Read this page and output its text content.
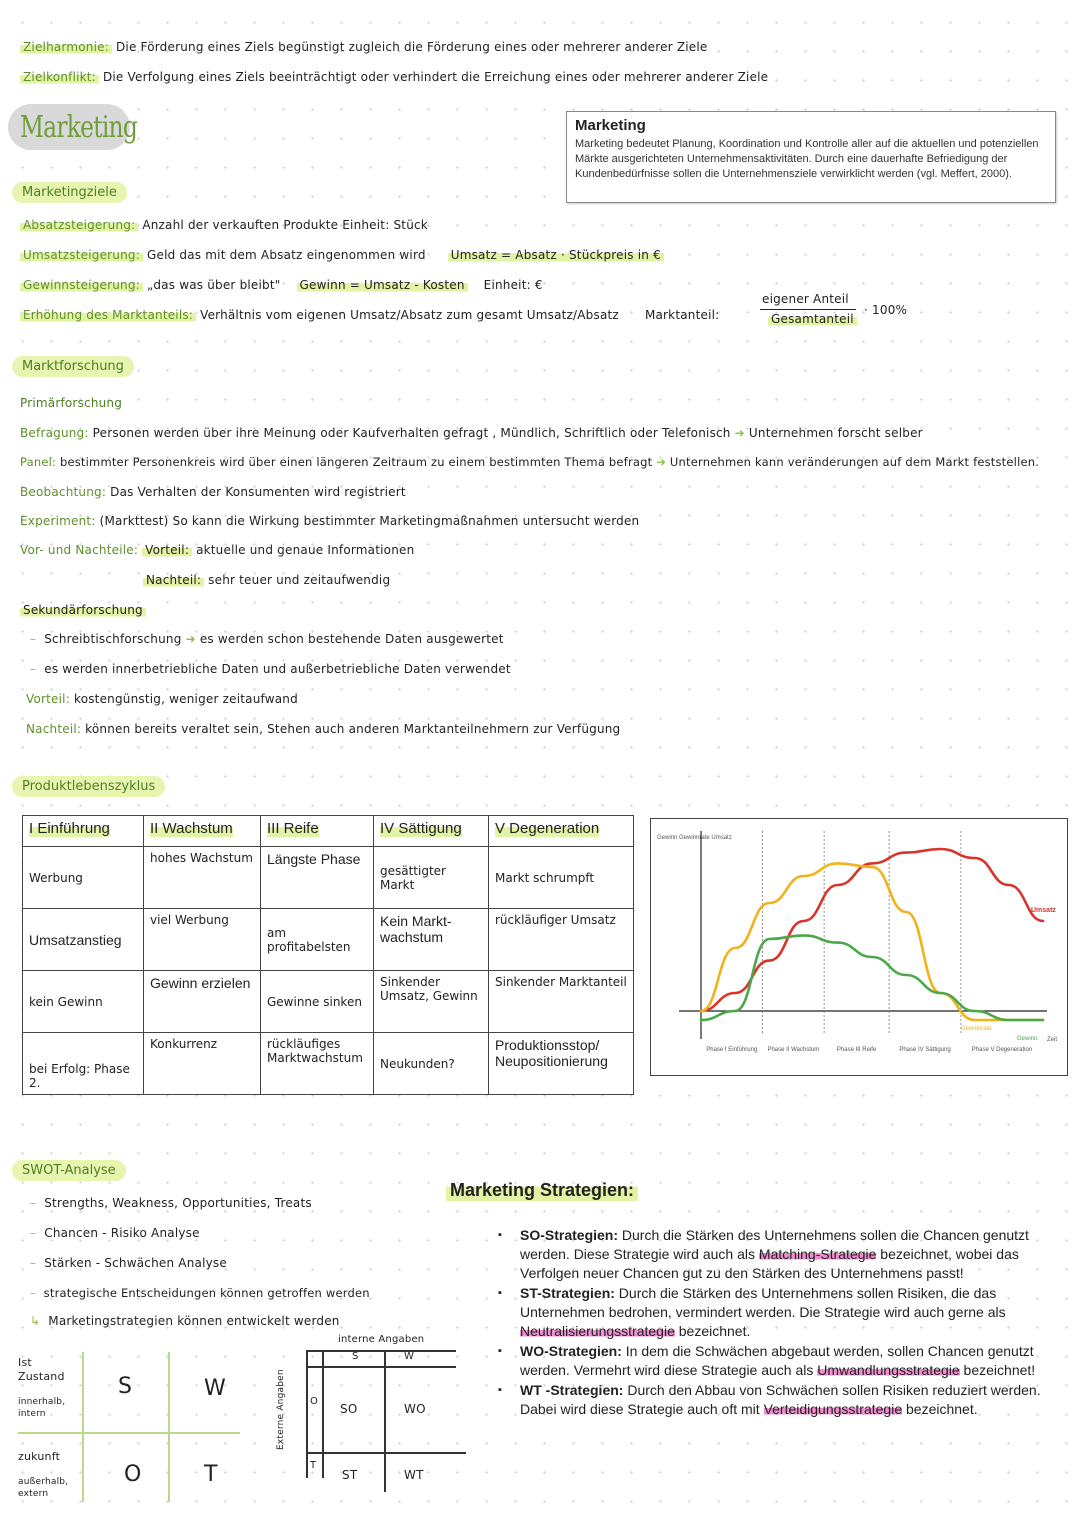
Zielharmonie: Die Förderung eines Ziels begünstigt zugleich die Förderung eines oder mehrerer anderer Ziele
Zielkonflikt: Die Verfolgung eines Ziels beeinträchtigt oder verhindert die Erreichung eines oder mehrerer anderer Ziele
Marketing	Marketing
Marketing bedeutet Planung, Koordination und Kontrolle aller auf die aktuellen und potenziellen Märkte ausgerichteten Unternehmensaktivitäten. Durch eine dauerhafte Befriedigung der Kundenbedürfnisse sollen die Unternehmensziele verwirklicht werden (vgl. Meffert, 2000).
Marketingziele
Absatzsteigerung: Anzahl der verkauften Produkte Einheit: Stück
Umsatzsteigerung: Geld das mit dem Absatz eingenommen wird Umsatz = Absatz · Stückpreis in €
Gewinnsteigerung: „das was über bleibt" Gewinn = Umsatz - Kosten Einheit: €
Erhöhung des Marktanteils: Verhältnis vom eigenen Umsatz/Absatz zum gesamt Umsatz/Absatz Marktanteil:
eigener Anteil
Gesamtanteil
· 100%
Marktforschung
Primärforschung
Befragung: Personen werden über ihre Meinung oder Kaufverhalten gefragt , Mündlich, Schriftlich oder Telefonisch ➜ Unternehmen forscht selber
Panel: bestimmter Personenkreis wird über einen längeren Zeitraum zu einem bestimmten Thema befragt ➜ Unternehmen kann veränderungen auf dem Markt feststellen.
Beobachtung: Das Verhalten der Konsumenten wird registriert
Experiment: (Markttest) So kann die Wirkung bestimmter Marketingmaßnahmen untersucht werden
Vor- und Nachteile: Vorteil: aktuelle und genaue Informationen
Nachteil: sehr teuer und zeitaufwendig
Sekundärforschung
– Schreibtischforschung ➜ es werden schon bestehende Daten ausgewertet
– es werden innerbetriebliche Daten und außerbetriebliche Daten verwendet
Vorteil: kostengünstig, weniger zeitaufwand
Nachteil: können bereits veraltet sein, Stehen auch anderen Marktanteilnehmern zur Verfügung
Produktlebenszyklus
I Einführung	II Wachstum	III Reife	IV Sättigung	V Degeneration
Werbung	hohes Wachstum	Längste Phase	gesättigter Markt	Markt schrumpft
Umsatzanstieg	viel Werbung	am profitabelsten	Kein Markt-wachstum	rückläufiger Umsatz
kein Gewinn	Gewinn erzielen	Gewinne sinken	Sinkender Umsatz, Gewinn	Sinkender Marktanteil
bei Erfolg: Phase 2.	Konkurrenz	rückläufiges Marktwachstum	Neukunden?	Produktionsstop/ Neupositionierung
Gewinn Gewinnrate Umsatz
Zeit
Phase I Einführung Phase II Wachstum	Phase III Reife	Phase IV Sättigung	Phase V Degeneration
Umsatz
Gewinnrate
Gewinn
SWOT-Analyse
– Strengths, Weakness, Opportunities, Treats
– Chancen - Risiko Analyse
– Stärken - Schwächen Analyse
– strategische Entscheidungen können getroffen werden
↳ Marketingstrategien können entwickelt werden
Ist Zustand
innerhalb, intern
zukunft
außerhalb, extern
S	W
O	T
interne Angaben
Externe Angaben
S	W
O
T
SO	WO
ST	WT
Marketing Strategien:
▪ SO-Strategien: Durch die Stärken des Unternehmens sollen die Chancen genutzt werden. Diese Strategie wird auch als Matching-Strategie bezeichnet, wobei das Verfolgen neuer Chancen gut zu den Stärken des Unternehmens passt!
▪ ST-Strategien: Durch die Stärken des Unternehmens sollen Risiken, die das Unternehmen bedrohen, vermindert werden. Die Strategie wird auch gerne als Neutralisierungsstrategie bezeichnet.
▪ WO-Strategien: In dem die Schwächen abgebaut werden, sollen Chancen genutzt werden. Vermehrt wird diese Strategie auch als Umwandlungsstrategie bezeichnet!
▪ WT -Strategien: Durch den Abbau von Schwächen sollen Risiken reduziert werden. Dabei wird diese Strategie auch oft mit Verteidigungsstrategie bezeichnet.
